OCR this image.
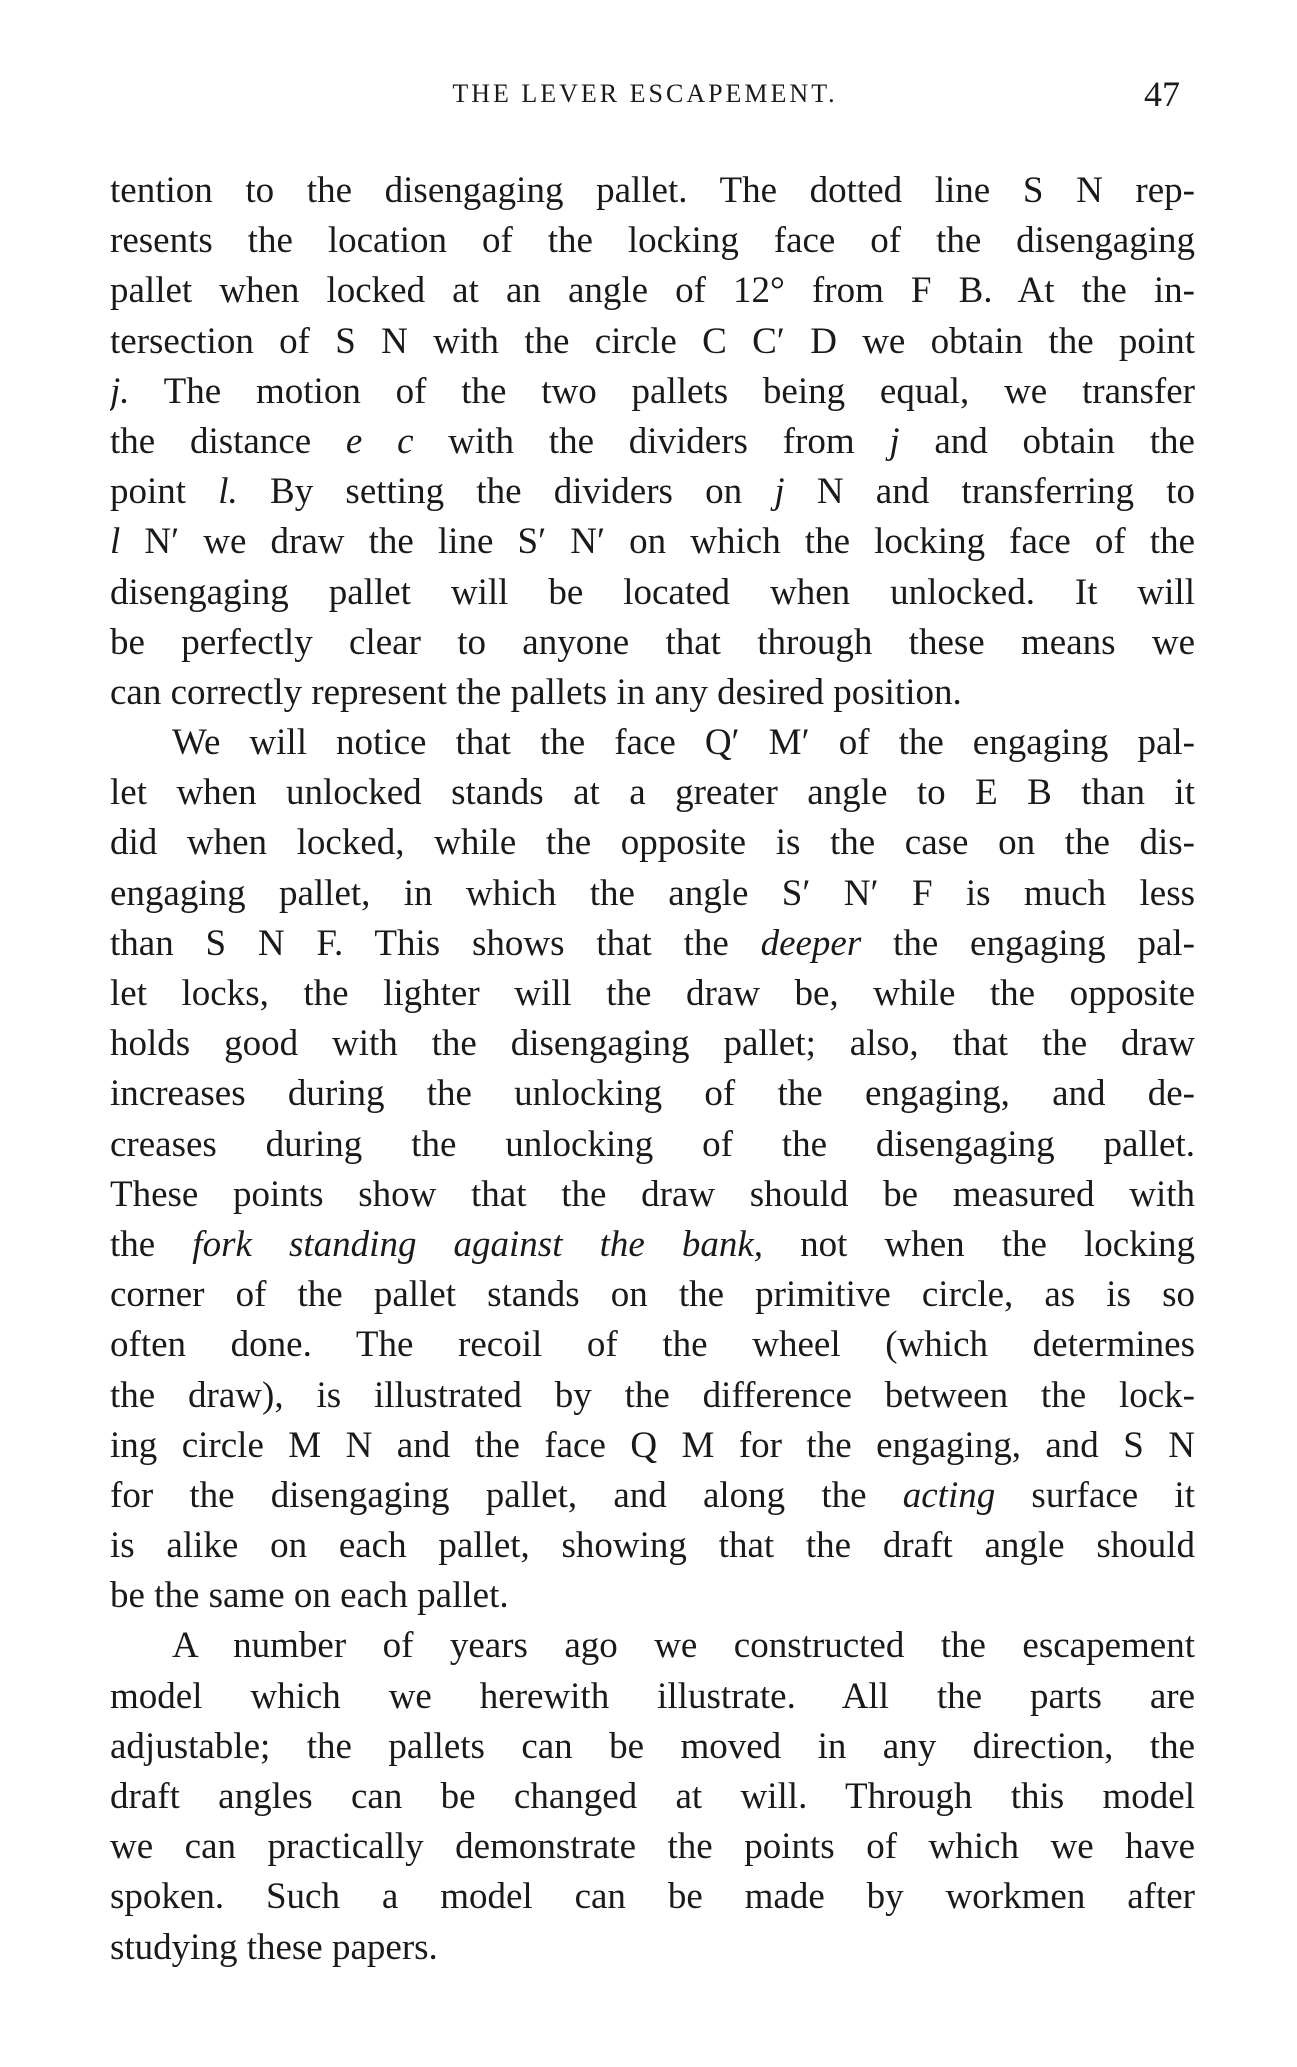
THE LEVER ESCAPEMENT.	47
tention to the disengaging pallet. The dotted line S N rep-
resents the location of the locking face of the disengaging
pallet when locked at an angle of 12° from F B. At the in-
tersection of S N with the circle C C′ D we obtain the point
j. The motion of the two pallets being equal, we transfer
the distance e c with the dividers from j and obtain the
point l. By setting the dividers on j N and transferring to
l N′ we draw the line S′ N′ on which the locking face of the
disengaging pallet will be located when unlocked. It will
be perfectly clear to anyone that through these means we
can correctly represent the pallets in any desired position.
We will notice that the face Q′ M′ of the engaging pal-
let when unlocked stands at a greater angle to E B than it
did when locked, while the opposite is the case on the dis-
engaging pallet, in which the angle S′ N′ F is much less
than S N F. This shows that the deeper the engaging pal-
let locks, the lighter will the draw be, while the opposite
holds good with the disengaging pallet; also, that the draw
increases during the unlocking of the engaging, and de-
creases during the unlocking of the disengaging pallet.
These points show that the draw should be measured with
the fork standing against the bank, not when the locking
corner of the pallet stands on the primitive circle, as is so
often done. The recoil of the wheel (which determines
the draw), is illustrated by the difference between the lock-
ing circle M N and the face Q M for the engaging, and S N
for the disengaging pallet, and along the acting surface it
is alike on each pallet, showing that the draft angle should
be the same on each pallet.
A number of years ago we constructed the escapement
model which we herewith illustrate. All the parts are
adjustable; the pallets can be moved in any direction, the
draft angles can be changed at will. Through this model
we can practically demonstrate the points of which we have
spoken. Such a model can be made by workmen after
studying these papers.
